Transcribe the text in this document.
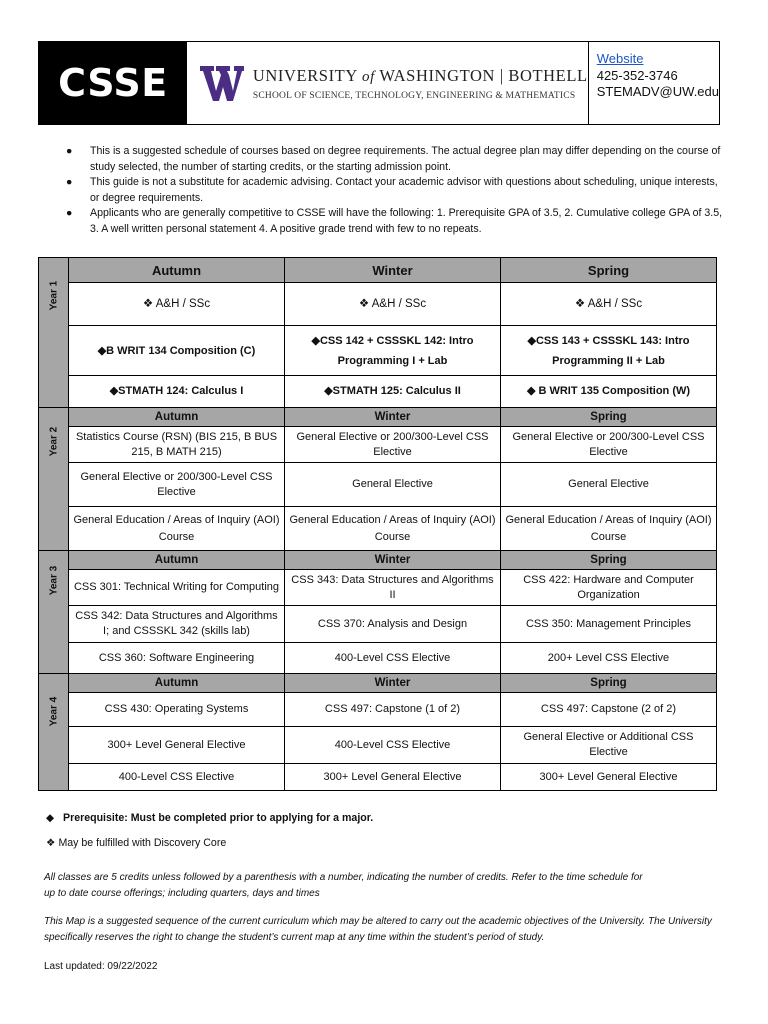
CSSE	UNIVERSITY of WASHINGTON | BOTHELL
SCHOOL OF SCIENCE, TECHNOLOGY, ENGINEERING & MATHEMATICS
Website
425-352-3746
STEMADV@UW.edu
● This is a suggested schedule of courses based on degree requirements. The actual degree plan may differ depending on the course of study selected, the number of starting credits, or the starting admission point.
● This guide is not a substitute for academic advising. Contact your academic advisor with questions about scheduling, unique interests, or degree requirements.
● Applicants who are generally competitive to CSSE will have the following: 1. Prerequisite GPA of 3.5, 2. Cumulative college GPA of 3.5, 3. A well written personal statement 4. A positive grade trend with few to no repeats.
Year 1	Autumn	Winter	Spring
	❖ A&H / SSc	❖ A&H / SSc	❖ A&H / SSc
	◆B WRIT 134 Composition (C)	◆CSS 142 + CSSSKL 142: Intro Programming I + Lab	◆CSS 143 + CSSSKL 143: Intro Programming II + Lab
	◆STMATH 124: Calculus I	◆STMATH 125: Calculus II	◆ B WRIT 135 Composition (W)

Year 2	Autumn	Winter	Spring
	Statistics Course (RSN) (BIS 215, B BUS 215, B MATH 215)	General Elective or 200/300-Level CSS Elective	General Elective or 200/300-Level CSS Elective
	General Elective or 200/300-Level CSS Elective	General Elective	General Elective
	General Education / Areas of Inquiry (AOI) Course	General Education / Areas of Inquiry (AOI) Course	General Education / Areas of Inquiry (AOI) Course

Year 3	Autumn	Winter	Spring
	CSS 301: Technical Writing for Computing	CSS 343: Data Structures and Algorithms II	CSS 422: Hardware and Computer Organization
	CSS 342: Data Structures and Algorithms I; and CSSSKL 342 (skills lab)	CSS 370: Analysis and Design	CSS 350: Management Principles
	CSS 360: Software Engineering	400-Level CSS Elective	200+ Level CSS Elective

Year 4	Autumn	Winter	Spring
	CSS 430: Operating Systems	CSS 497: Capstone (1 of 2)	CSS 497: Capstone (2 of 2)
	300+ Level General Elective	400-Level CSS Elective	General Elective or Additional CSS Elective
	400-Level CSS Elective	300+ Level General Elective	300+ Level General Elective
◆ Prerequisite: Must be completed prior to applying for a major.
❖ May be fulfilled with Discovery Core
All classes are 5 credits unless followed by a parenthesis with a number, indicating the number of credits. Refer to the time schedule for up to date course offerings; including quarters, days and times
This Map is a suggested sequence of the current curriculum which may be altered to carry out the academic objectives of the University. The University specifically reserves the right to change the student’s current map at any time within the student’s period of study.
Last updated: 09/22/2022
